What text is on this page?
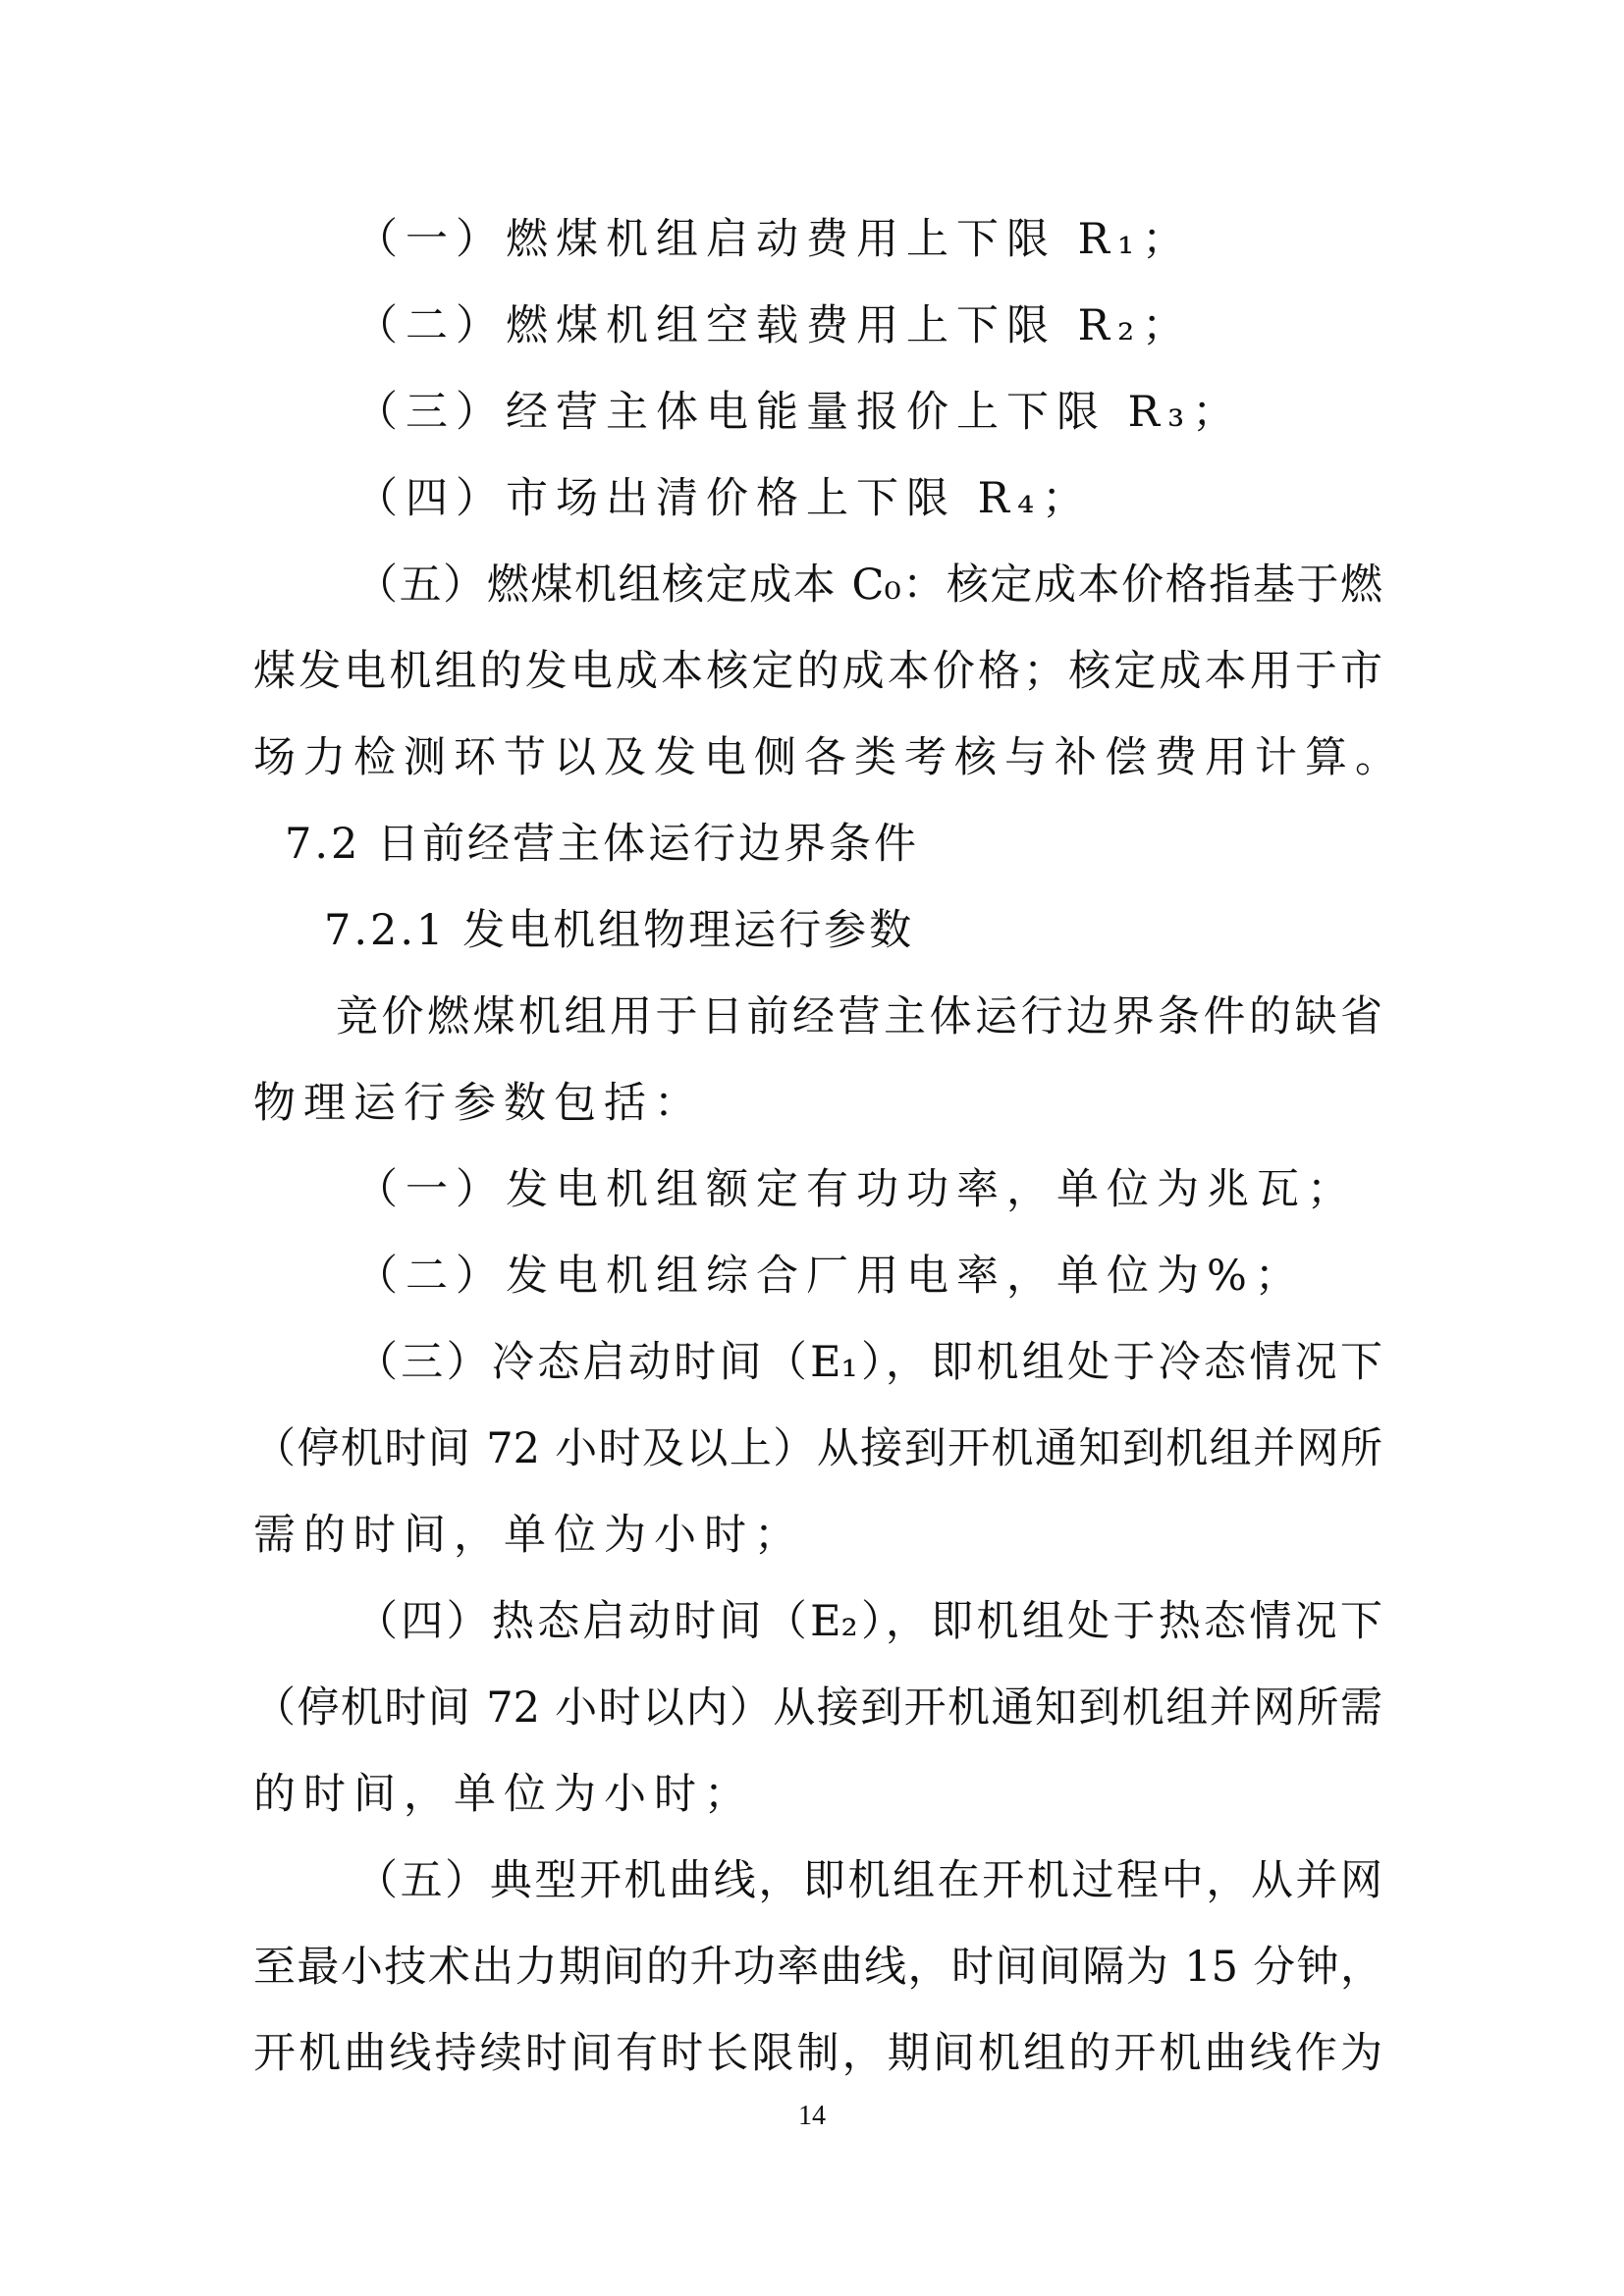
（一）燃煤机组启动费用上下限 R₁；
（二）燃煤机组空载费用上下限 R₂；
（三）经营主体电能量报价上下限 R₃；
（四）市场出清价格上下限 R₄；
（五）燃煤机组核定成本 C₀：核定成本价格指基于燃
煤发电机组的发电成本核定的成本价格；核定成本用于市
场力检测环节以及发电侧各类考核与补偿费用计算。
7.2 日前经营主体运行边界条件
7.2.1 发电机组物理运行参数
竞价燃煤机组用于日前经营主体运行边界条件的缺省
物理运行参数包括：
（一）发电机组额定有功功率，单位为兆瓦；
（二）发电机组综合厂用电率，单位为%；
（三）冷态启动时间（E₁），即机组处于冷态情况下
（停机时间 72 小时及以上）从接到开机通知到机组并网所
需的时间，单位为小时；
（四）热态启动时间（E₂），即机组处于热态情况下
（停机时间 72 小时以内）从接到开机通知到机组并网所需
的时间，单位为小时；
（五）典型开机曲线，即机组在开机过程中，从并网
至最小技术出力期间的升功率曲线，时间间隔为 15 分钟，
开机曲线持续时间有时长限制，期间机组的开机曲线作为
14
